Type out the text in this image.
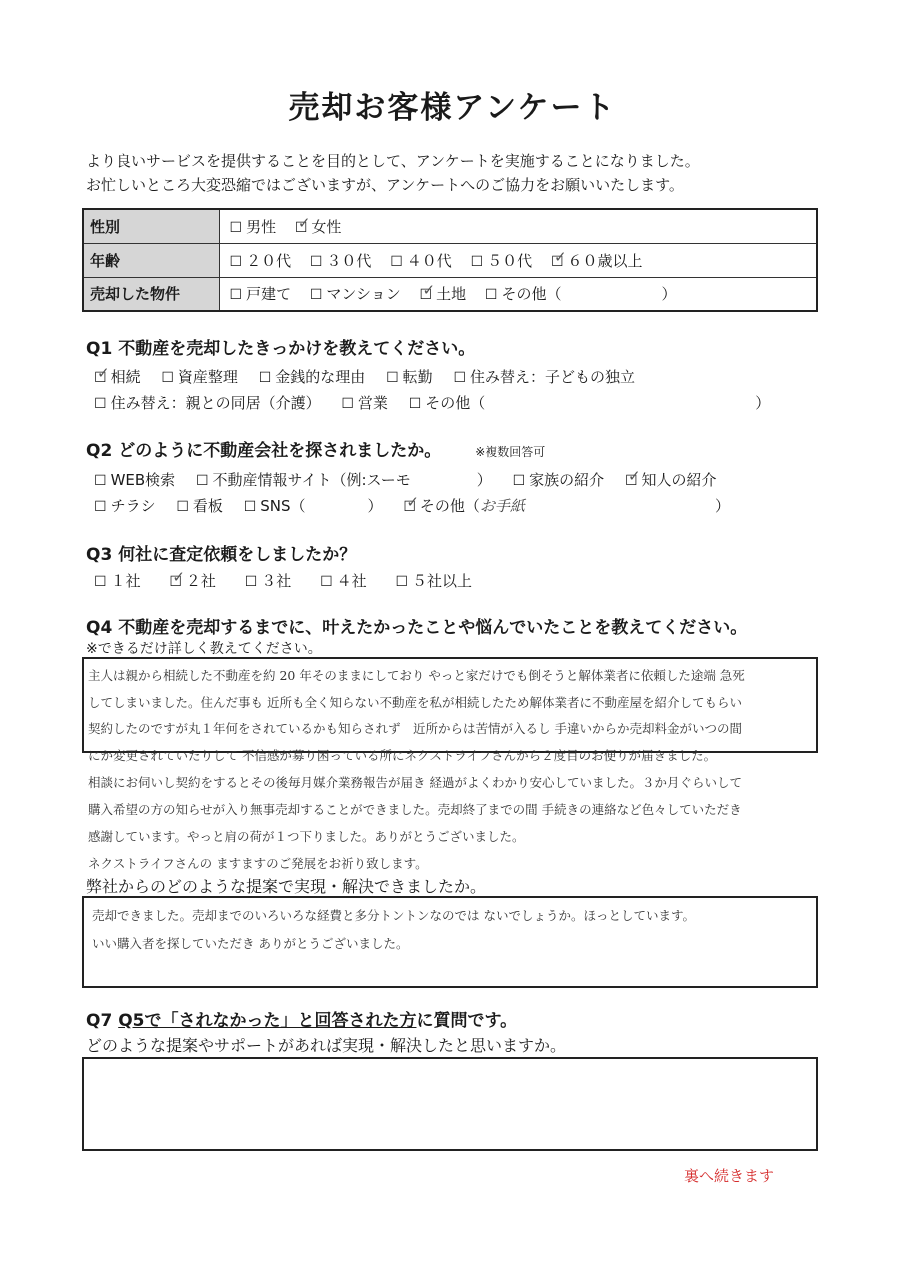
売却お客様アンケート
より良いサービスを提供することを目的として、アンケートを実施することになりました。
お忙しいところ大変恐縮ではございますが、アンケートへのご協力をお願いいたします。
性別	☐ 男性 ☐ ✓ 女性
年齢	☐ ２０代 ☐ ３０代 ☐ ４０代 ☐ ５０代 ☐ ✓ ６０歳以上
売却した物件	☐ 戸建て ☐ マンション ☐ ✓ 土地 ☐ その他（ ）
Q1 不動産を売却したきっかけを教えてください。
☐ ✓ 相続 ☐ 資産整理 ☐ 金銭的な理由 ☐ 転勤 ☐ 住み替え：子どもの独立
☐ 住み替え：親との同居（介護） ☐ 営業 ☐ その他（	）
Q2 どのように不動産会社を探されましたか。	※複数回答可
☐ WEB検索 ☐ 不動産情報サイト（例:スーモ	） ☐ 家族の紹介 ☐ ✓ 知人の紹介
☐ チラシ ☐ 看板 ☐ SNS（	） ☐ ✓ その他（お手紙	）
Q3 何社に査定依頼をしましたか？
☐ １社 ☐ ✓ ２社 ☐ ３社 ☐ ４社 ☐ ５社以上
Q4 不動産を売却するまでに、叶えたかったことや悩んでいたことを教えてください。
※できるだけ詳しく教えてください。
主人は親から相続した不動産を約 20 年そのままにしており やっと家だけでも倒そうと解体業者に依頼した途端 急死
してしまいました。住んだ事も 近所も全く知らない不動産を私が相続したため解体業者に不動産屋を紹介してもらい
契約したのですが丸１年何をされているかも知らされず　近所からは苦情が入るし 手違いからか売却料金がいつの間
にか変更されていたりして 不信感が募り困っている所にネクストライフさんから２度目のお便りが届きました。
相談にお伺いし契約をするとその後毎月媒介業務報告が届き 経過がよくわかり安心していました。３か月ぐらいして
購入希望の方の知らせが入り無事売却することができました。売却終了までの間 手続きの連絡など色々していただき
感謝しています。やっと肩の荷が１つ下りました。ありがとうございました。
ネクストライフさんの ますますのご発展をお祈り致します。
弊社からのどのような提案で実現・解決できましたか。
売却できました。売却までのいろいろな経費と多分トントンなのでは ないでしょうか。ほっとしています。
いい購入者を探していただき ありがとうございました。
Q7 Q5で「されなかった」と回答された方に質問です。
どのような提案やサポートがあれば実現・解決したと思いますか。
裏へ続きます
